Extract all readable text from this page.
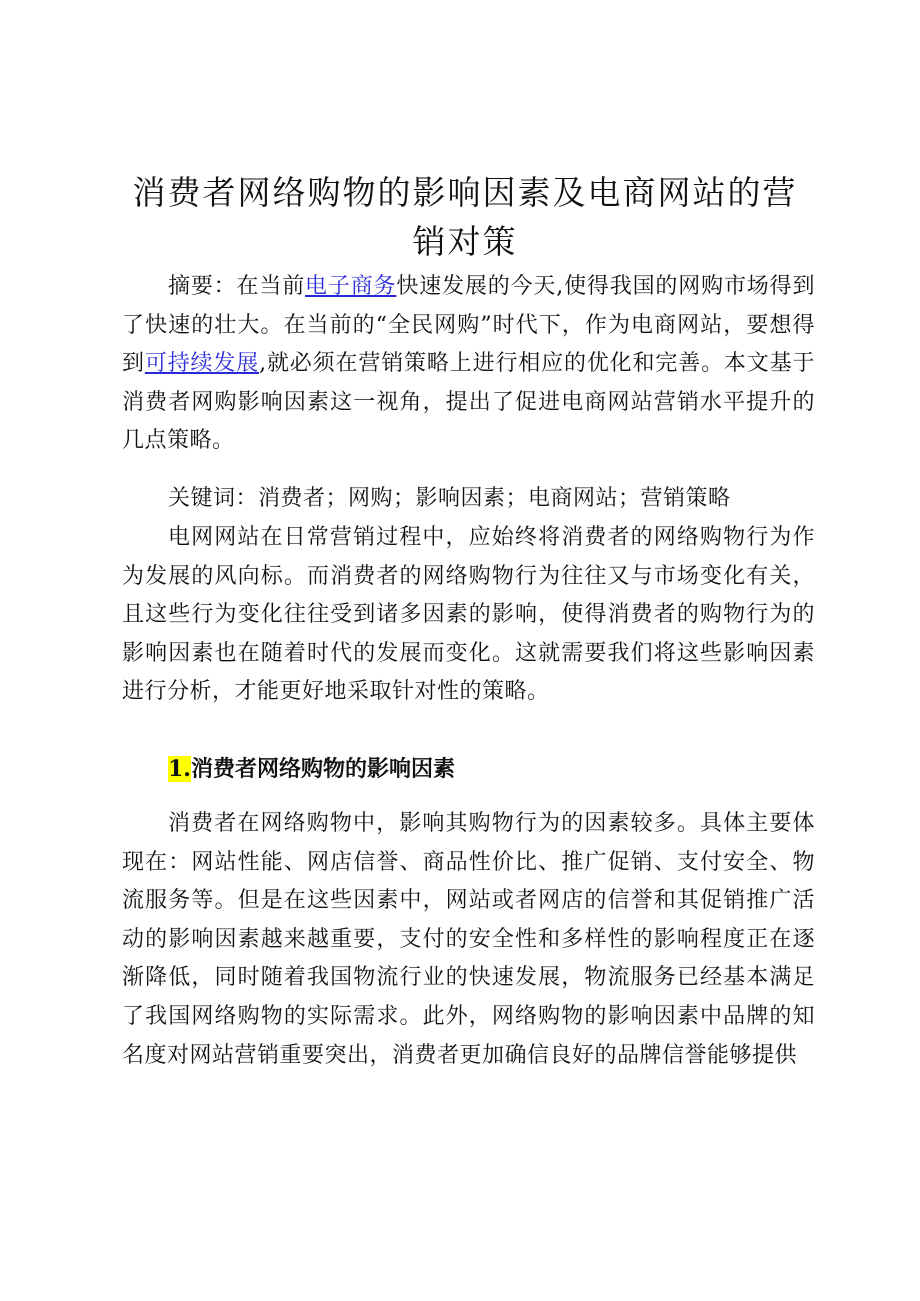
消费者网络购物的影响因素及电商网站的营销对策

摘要：在当前电子商务快速发展的今天,使得我国的网购市场得到了快速的壮大。在当前的“全民网购”时代下，作为电商网站，要想得到可持续发展,就必须在营销策略上进行相应的优化和完善。本文基于消费者网购影响因素这一视角，提出了促进电商网站营销水平提升的几点策略。

关键词：消费者；网购；影响因素；电商网站；营销策略

电网网站在日常营销过程中，应始终将消费者的网络购物行为作为发展的风向标。而消费者的网络购物行为往往又与市场变化有关，且这些行为变化往往受到诸多因素的影响，使得消费者的购物行为的影响因素也在随着时代的发展而变化。这就需要我们将这些影响因素进行分析，才能更好地采取针对性的策略。

1.消费者网络购物的影响因素

消费者在网络购物中，影响其购物行为的因素较多。具体主要体现在：网站性能、网店信誉、商品性价比、推广促销、支付安全、物流服务等。但是在这些因素中，网站或者网店的信誉和其促销推广活动的影响因素越来越重要，支付的安全性和多样性的影响程度正在逐渐降低，同时随着我国物流行业的快速发展，物流服务已经基本满足了我国网络购物的实际需求。此外，网络购物的影响因素中品牌的知名度对网站营销重要突出，消费者更加确信良好的品牌信誉能够提供
